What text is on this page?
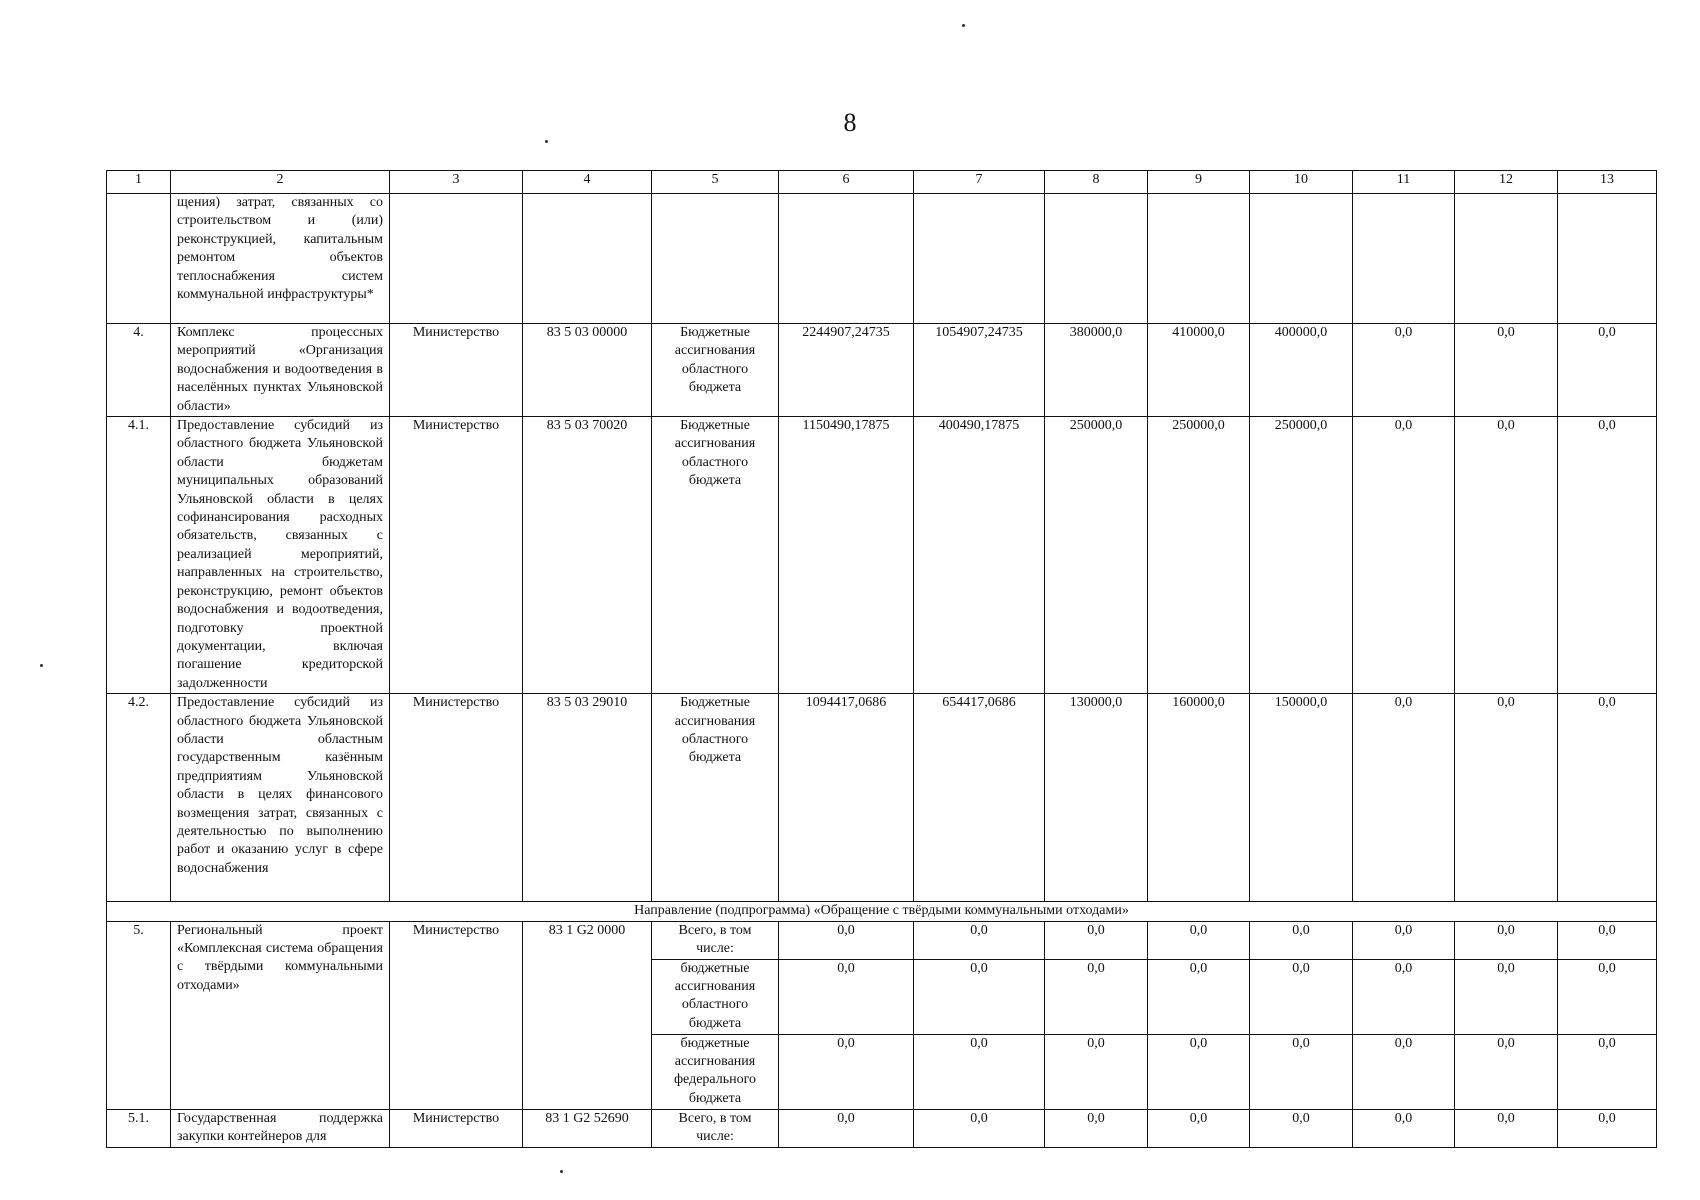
8
1	2	3	4	5	6	7	8	9	10	11	12	13
	щения) затрат, связанных со строительством и (или) реконструкцией, капитальным ремонтом объектов теплоснабжения систем коммунальной инфраструктуры*											
4.	Комплекс процессных мероприятий «Организация водоснабжения и водоотведения в населённых пунктах Ульяновской области»	Министерство	83 5 03 00000	Бюджетные ассигнования областного бюджета	2244907,24735	1054907,24735	380000,0	410000,0	400000,0	0,0	0,0	0,0
4.1.	Предоставление субсидий из областного бюджета Ульяновской области бюджетам муниципальных образований Ульяновской области в целях софинансирования расходных обязательств, связанных с реализацией мероприятий, направленных на строительство, реконструкцию, ремонт объектов водоснабжения и водоотведения, подготовку проектной документации, включая погашение кредиторской задолженности	Министерство	83 5 03 70020	Бюджетные ассигнования областного бюджета	1150490,17875	400490,17875	250000,0	250000,0	250000,0	0,0	0,0	0,0
4.2.	Предоставление субсидий из областного бюджета Ульяновской области областным государственным казённым предприятиям Ульяновской области в целях финансового возмещения затрат, связанных с деятельностью по выполнению работ и оказанию услуг в сфере водоснабжения	Министерство	83 5 03 29010	Бюджетные ассигнования областного бюджета	1094417,0686	654417,0686	130000,0	160000,0	150000,0	0,0	0,0	0,0
Направление (подпрограмма) «Обращение с твёрдыми коммунальными отходами»												
5.	Региональный проект «Комплексная система обращения с твёрдыми коммунальными отходами»	Министерство	83 1 G2 0000	Всего, в том числе:	0,0	0,0	0,0	0,0	0,0	0,0	0,0	0,0
				бюджетные ассигнования областного бюджета	0,0	0,0	0,0	0,0	0,0	0,0	0,0	0,0
				бюджетные ассигнования федерального бюджета	0,0	0,0	0,0	0,0	0,0	0,0	0,0	0,0
5.1.	Государственная поддержка закупки контейнеров для	Министерство	83 1 G2 52690	Всего, в том числе:	0,0	0,0	0,0	0,0	0,0	0,0	0,0	0,0
